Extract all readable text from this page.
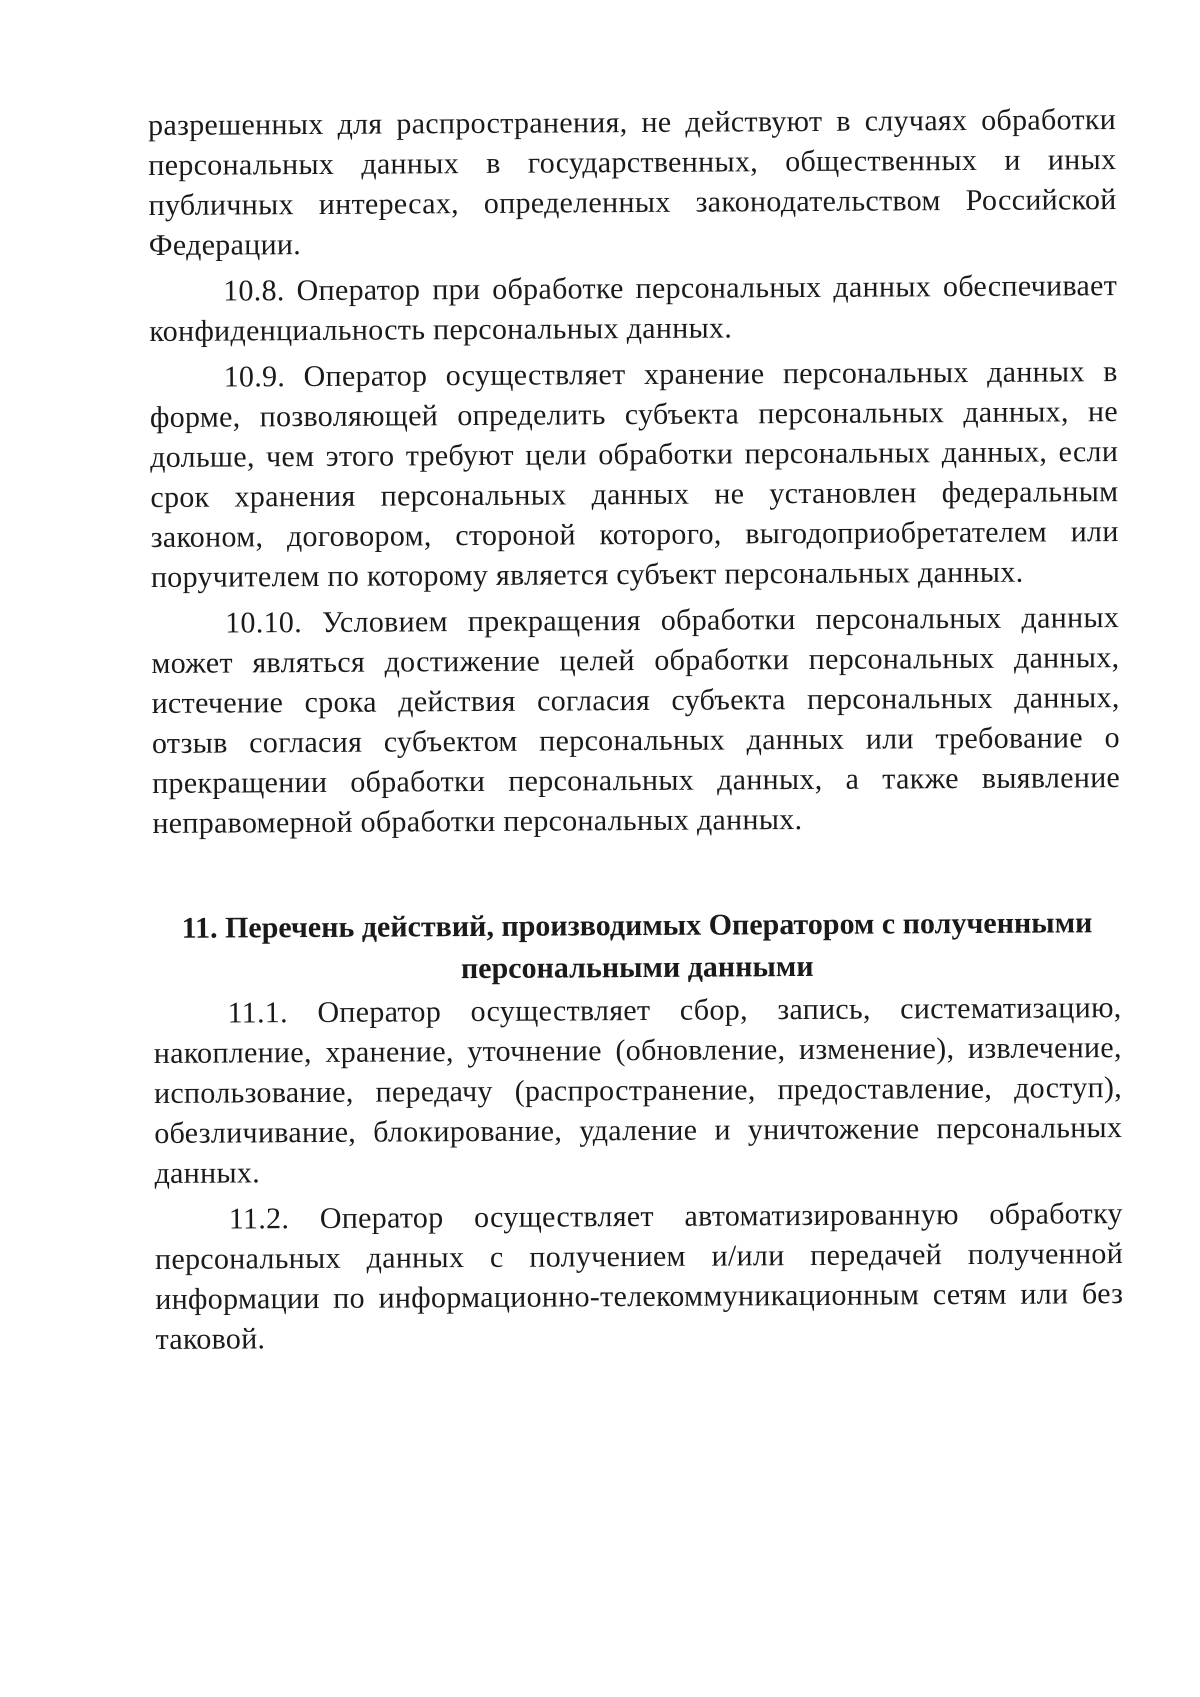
разрешенных для распространения, не действуют в случаях обработки персональных данных в государственных, общественных и иных публичных интересах, определенных законодательством Российской Федерации.

10.8. Оператор при обработке персональных данных обеспечивает конфиденциальность персональных данных.

10.9. Оператор осуществляет хранение персональных данных в форме, позволяющей определить субъекта персональных данных, не дольше, чем этого требуют цели обработки персональных данных, если срок хранения персональных данных не установлен федеральным законом, договором, стороной которого, выгодоприобретателем или поручителем по которому является субъект персональных данных.

10.10. Условием прекращения обработки персональных данных может являться достижение целей обработки персональных данных, истечение срока действия согласия субъекта персональных данных, отзыв согласия субъектом персональных данных или требование о прекращении обработки персональных данных, а также выявление неправомерной обработки персональных данных.

11. Перечень действий, производимых Оператором с полученными персональными данными

11.1. Оператор осуществляет сбор, запись, систематизацию, накопление, хранение, уточнение (обновление, изменение), извлечение, использование, передачу (распространение, предоставление, доступ), обезличивание, блокирование, удаление и уничтожение персональных данных.

11.2. Оператор осуществляет автоматизированную обработку персональных данных с получением и/или передачей полученной информации по информационно-телекоммуникационным сетям или без таковой.
